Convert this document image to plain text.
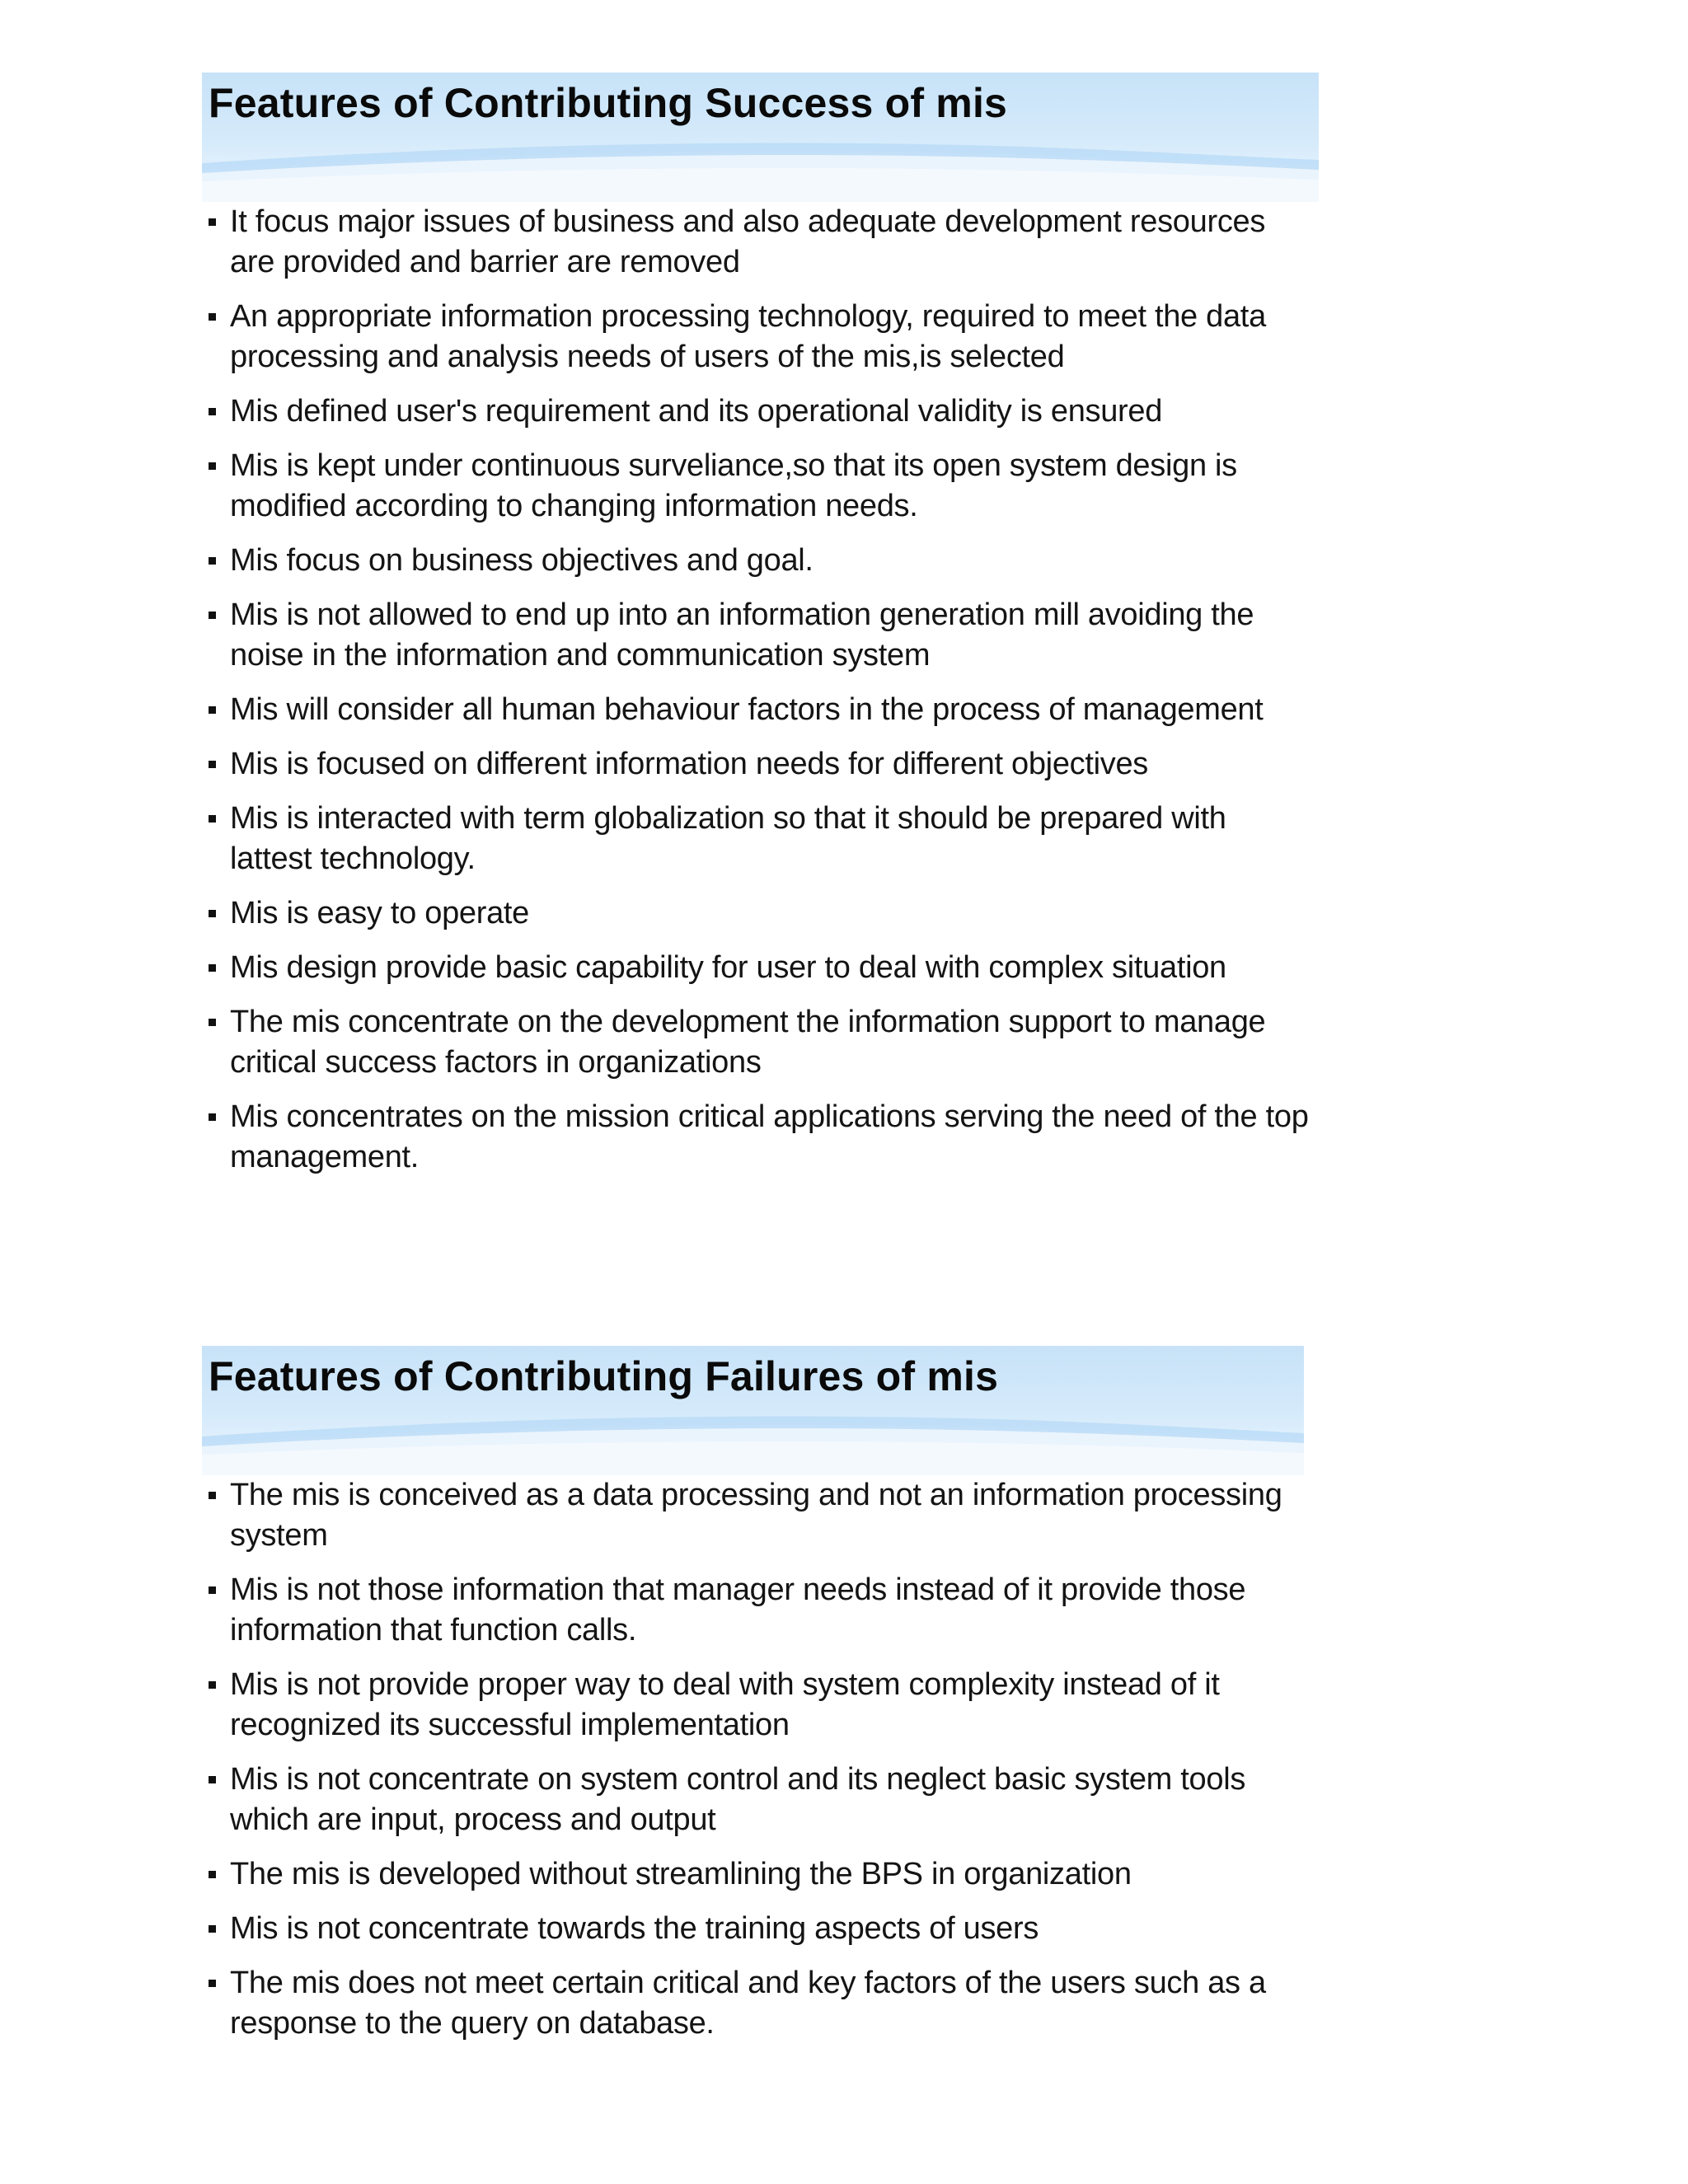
Features of Contributing Success of mis
It focus major issues of business and also adequate development resources are provided and barrier are removed
An appropriate information processing technology, required to meet the data processing and analysis needs of users of the mis,is selected
Mis defined user's requirement and its operational validity is ensured
Mis is kept under continuous surveliance,so that its open system design is modified according to changing information needs.
Mis focus on business objectives and goal.
Mis is not allowed to end up into an information generation mill avoiding the noise in the information and communication system
Mis will consider all human behaviour factors in the process of management
Mis is focused on different information needs for different objectives
Mis is interacted with term globalization so that it should be prepared with lattest technology.
Mis is easy to operate
Mis design provide basic capability for user to deal with complex situation
The mis concentrate on the development the information support to manage critical success factors in organizations
Mis concentrates on the mission critical applications serving the need of the top management.
Features of Contributing Failures of mis
The mis is conceived as a data processing and not an information processing system
Mis is not those information that manager needs instead of it provide those information that function calls.
Mis is not provide proper way to deal with system complexity instead of it recognized its successful implementation
Mis is not concentrate on system control and its neglect basic system tools which are input, process and output
The mis is developed without streamlining the BPS in organization
Mis is not concentrate towards the training aspects of users
The mis does not meet certain critical and key factors of the users such as a response to the query on database.
